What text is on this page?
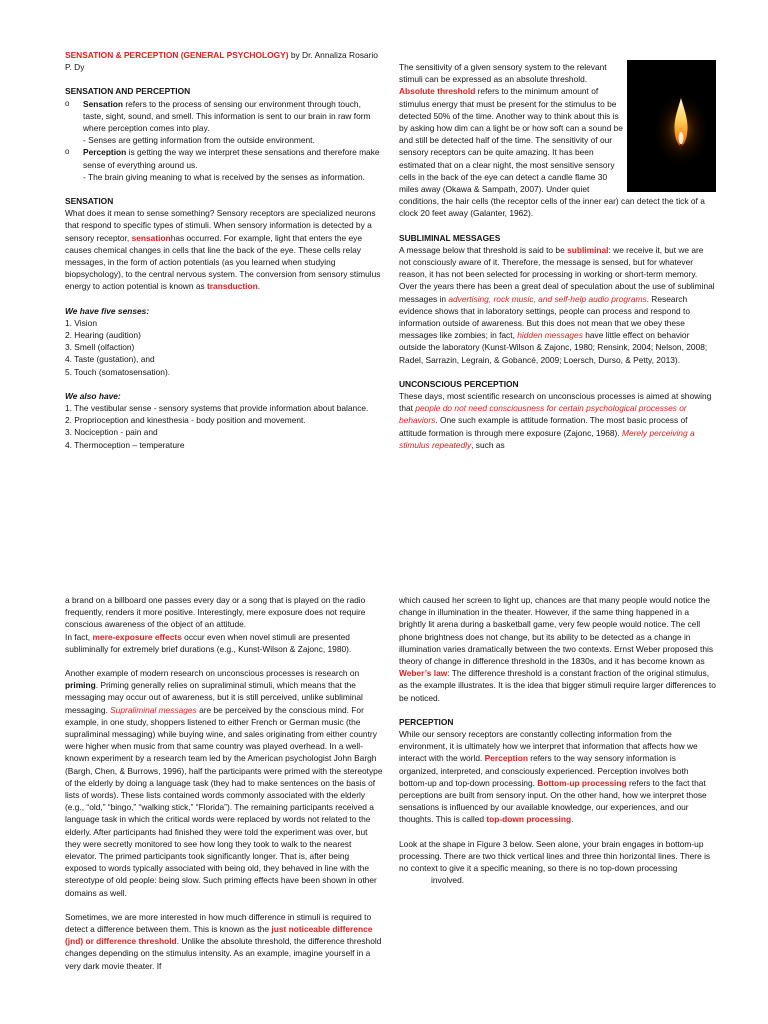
SENSATION & PERCEPTION (GENERAL PSYCHOLOGY) by Dr. Annaliza Rosario P. Dy

SENSATION AND PERCEPTION
o Sensation refers to the process of sensing our environment through touch, taste, sight, sound, and smell. This information is sent to our brain in raw form where perception comes into play.
- Senses are getting information from the outside environment.
o Perception is getting the way we interpret these sensations and therefore make sense of everything around us.
- The brain giving meaning to what is received by the senses as information.
SENSATION

What does it mean to sense something? Sensory receptors are specialized neurons that respond to specific types of stimuli. When sensory information is detected by a sensory receptor, sensationhas occurred. For example, light that enters the eye causes chemical changes in cells that line the back of the eye. These cells relay messages, in the form of action potentials (as you learned when studying biopsychology), to the central nervous system. The conversion from sensory stimulus energy to action potential is known as transduction.

We have five senses:

1. Vision

2. Hearing (audition)

3. Smell (olfaction)

4. Taste (gustation), and

5. Touch (somatosensation).

We also have:

1. The vestibular sense - sensory systems that provide information about balance.

2. Proprioception and kinesthesia - body position and movement.

3. Nociception - pain and

4. Thermoception – temperature

The sensitivity of a given sensory system to the relevant stimuli can be expressed as an absolute threshold. Absolute threshold refers to the minimum amount of stimulus energy that must be present for the stimulus to be detected 50% of the time. Another way to think about this is by asking how dim can a light be or how soft can a sound be and still be detected half of the time. The sensitivity of our sensory receptors can be quite amazing. It has been estimated that on a clear night, the most sensitive sensory cells in the back of the eye can detect a candle flame 30 miles away (Okawa & Sampath, 2007). Under quiet conditions, the hair cells (the receptor cells of the inner ear) can detect the tick of a clock 20 feet away (Galanter, 1962).

SUBLIMINAL MESSAGES

A message below that threshold is said to be subliminal: we receive it, but we are not consciously aware of it. Therefore, the message is sensed, but for whatever reason, it has not been selected for processing in working or short-term memory. Over the years there has been a great deal of speculation about the use of subliminal messages in advertising, rock music, and self-help audio programs. Research evidence shows that in laboratory settings, people can process and respond to information outside of awareness. But this does not mean that we obey these messages like zombies; in fact, hidden messages have little effect on behavior outside the laboratory (Kunst-Wilson & Zajonc, 1980; Rensink, 2004; Nelson, 2008; Radel, Sarrazin, Legrain, & Gobancé, 2009; Loersch, Durso, & Petty, 2013).

UNCONSCIOUS PERCEPTION

These days, most scientific research on unconscious processes is aimed at showing that people do not need consciousness for certain psychological processes or behaviors. One such example is attitude formation. The most basic process of attitude formation is through mere exposure (Zajonc, 1968). Merely perceiving a stimulus repeatedly, such as

a brand on a billboard one passes every day or a song that is played on the radio frequently, renders it more positive. Interestingly, mere exposure does not require conscious awareness of the object of an attitude.
In fact, mere-exposure effects occur even when novel stimuli are presented subliminally for extremely brief durations (e.g., Kunst-Wilson & Zajonc, 1980).

Another example of modern research on unconscious processes is research on priming. Priming generally relies on supraliminal stimuli, which means that the messaging may occur out of awareness, but it is still perceived, unlike subliminal messaging. Supraliminal messages are be perceived by the conscious mind. For example, in one study, shoppers listened to either French or German music (the supraliminal messaging) while buying wine, and sales originating from either country were higher when music from that same country was played overhead. In a well-known experiment by a research team led by the American psychologist John Bargh (Bargh, Chen, & Burrows, 1996), half the participants were primed with the stereotype of the elderly by doing a language task (they had to make sentences on the basis of lists of words). These lists contained words commonly associated with the elderly (e.g., “old,” “bingo,” “walking stick,” “Florida”). The remaining participants received a language task in which the critical words were replaced by words not related to the elderly. After participants had finished they were told the experiment was over, but they were secretly monitored to see how long they took to walk to the nearest elevator. The primed participants took significantly longer. That is, after being exposed to words typically associated with being old, they behaved in line with the stereotype of old people: being slow. Such priming effects have been shown in other domains as well.

Sometimes, we are more interested in how much difference in stimuli is required to detect a difference between them. This is known as the just noticeable difference (jnd) or difference threshold. Unlike the absolute threshold, the difference threshold changes depending on the stimulus intensity. As an example, imagine yourself in a very dark movie theater. If

which caused her screen to light up, chances are that many people would notice the change in illumination in the theater. However, if the same thing happened in a brightly lit arena during a basketball game, very few people would notice. The cell phone brightness does not change, but its ability to be detected as a change in illumination varies dramatically between the two contexts. Ernst Weber proposed this theory of change in difference threshold in the 1830s, and it has become known as Weber’s law: The difference threshold is a constant fraction of the original stimulus, as the example illustrates. It is the idea that bigger stimuli require larger differences to be noticed.

PERCEPTION

While our sensory receptors are constantly collecting information from the environment, it is ultimately how we interpret that information that affects how we interact with the world. Perception refers to the way sensory information is organized, interpreted, and consciously experienced. Perception involves both bottom-up and top-down processing. Bottom-up processing refers to the fact that perceptions are built from sensory input. On the other hand, how we interpret those sensations is influenced by our available knowledge, our experiences, and our thoughts. This is called top-down processing.

Look at the shape in Figure 3 below. Seen alone, your brain engages in bottom-up processing. There are two thick vertical lines and three thin horizontal lines. There is no context to give it a specific meaning, so there is no top-down processing

involved.
